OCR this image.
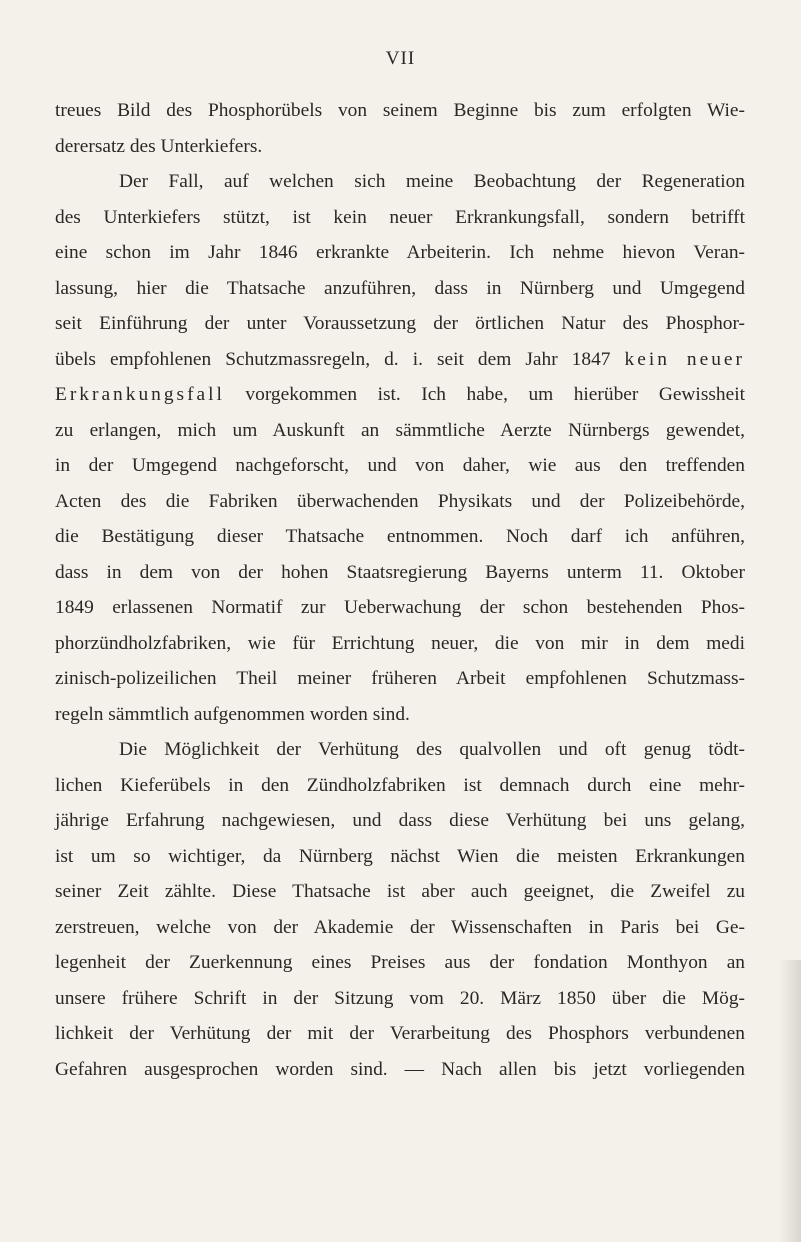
VII
treues Bild des Phosphorübels von seinem Beginne bis zum erfolgten Wie-
derersatz des Unterkiefers.
Der Fall, auf welchen sich meine Beobachtung der Regeneration
des Unterkiefers stützt, ist kein neuer Erkrankungsfall, sondern betrifft
eine schon im Jahr 1846 erkrankte Arbeiterin. Ich nehme hievon Veran-
lassung, hier die Thatsache anzuführen, dass in Nürnberg und Umgegend
seit Einführung der unter Voraussetzung der örtlichen Natur des Phosphor-
übels empfohlenen Schutzmassregeln, d. i. seit dem Jahr 1847 kein neuer
Erkrankungsfall vorgekommen ist. Ich habe, um hierüber Gewissheit
zu erlangen, mich um Auskunft an sämmtliche Aerzte Nürnbergs gewendet,
in der Umgegend nachgeforscht, und von daher, wie aus den treffenden
Acten des die Fabriken überwachenden Physikats und der Polizeibehörde,
die Bestätigung dieser Thatsache entnommen. Noch darf ich anführen,
dass in dem von der hohen Staatsregierung Bayerns unterm 11. Oktober
1849 erlassenen Normatif zur Ueberwachung der schon bestehenden Phos-
phorzündholzfabriken, wie für Errichtung neuer, die von mir in dem medi
zinisch-polizeilichen Theil meiner früheren Arbeit empfohlenen Schutzmass-
regeln sämmtlich aufgenommen worden sind.
Die Möglichkeit der Verhütung des qualvollen und oft genug tödt-
lichen Kieferübels in den Zündholzfabriken ist demnach durch eine mehr-
jährige Erfahrung nachgewiesen, und dass diese Verhütung bei uns gelang,
ist um so wichtiger, da Nürnberg nächst Wien die meisten Erkrankungen
seiner Zeit zählte. Diese Thatsache ist aber auch geeignet, die Zweifel zu
zerstreuen, welche von der Akademie der Wissenschaften in Paris bei Ge-
legenheit der Zuerkennung eines Preises aus der fondation Monthyon an
unsere frühere Schrift in der Sitzung vom 20. März 1850 über die Mög-
lichkeit der Verhütung der mit der Verarbeitung des Phosphors verbundenen
Gefahren ausgesprochen worden sind. — Nach allen bis jetzt vorliegenden
